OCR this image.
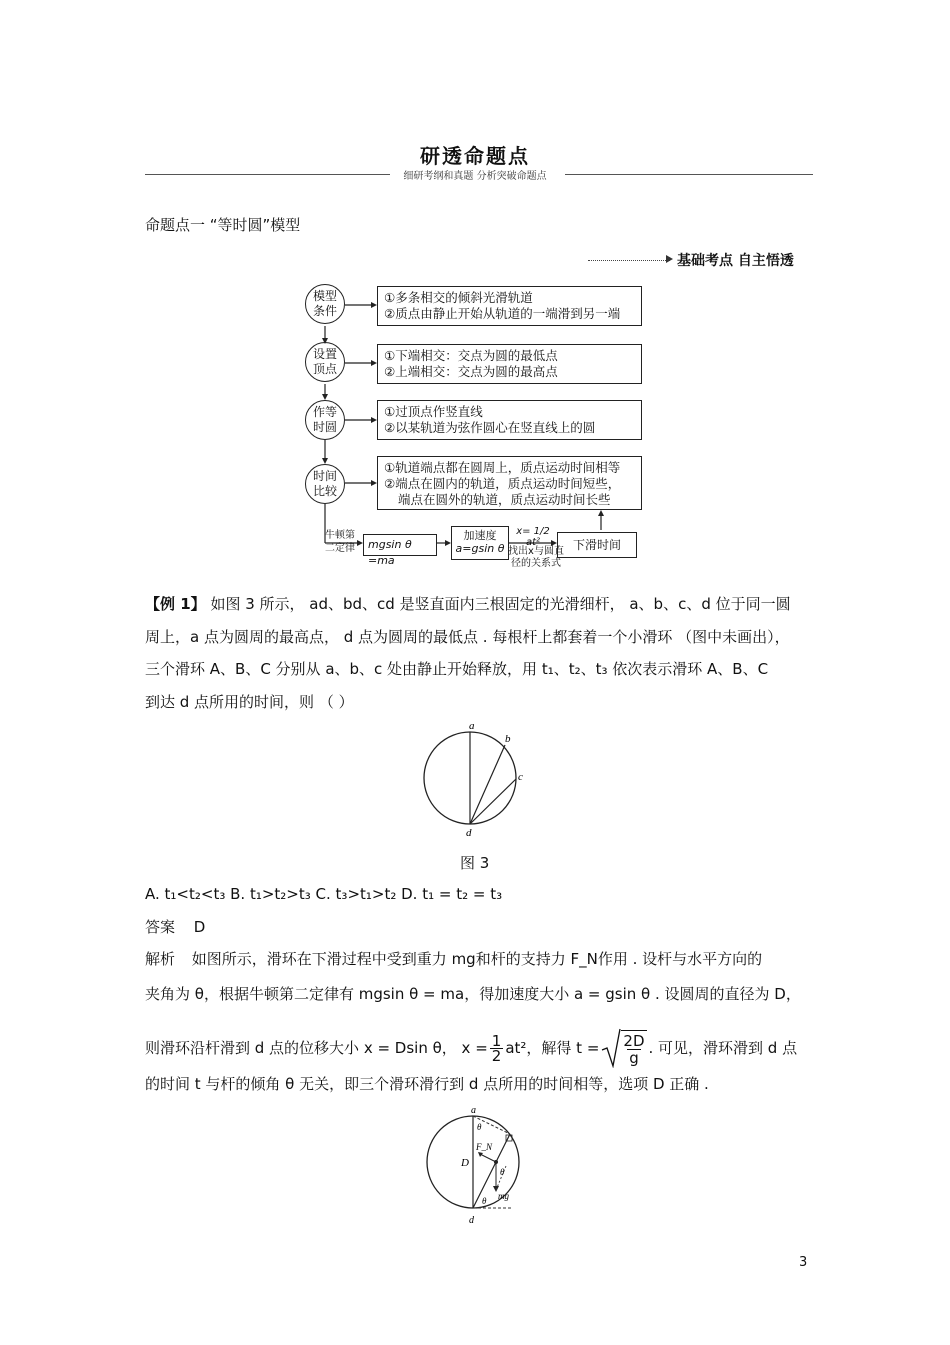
研透命题点
细研考纲和真题 分析突破命题点
命题点一 “等时圆”模型
基础考点 自主悟透
模型
条件
①多条相交的倾斜光滑轨道
②质点由静止开始从轨道的一端滑到另一端
设置
顶点
①下端相交：交点为圆的最低点
②上端相交：交点为圆的最高点
作等
时圆
①过顶点作竖直线
②以某轨道为弦作圆心在竖直线上的圆
时间
比较
①轨道端点都在圆周上，质点运动时间相等
②端点在圆内的轨道，质点运动时间短些，
端点在圆外的轨道，质点运动时间长些
牛顿第
二定律	mgsin θ =ma
加速度
a=gsin θ
x= 1/2 at²
找出x与圆直
径的关系式
下滑时间
【例 1】 如图 3 所示， ad、bd、cd 是竖直面内三根固定的光滑细杆， a、b、c、d 位于同一圆
周上，a 点为圆周的最高点， d 点为圆周的最低点 . 每根杆上都套着一个小滑环 （图中未画出），
三个滑环 A、B、C 分别从 a、b、c 处由静止开始释放，用 t₁、t₂、t₃ 依次表示滑环 A、B、C
到达 d 点所用的时间，则 （ ）
a
b
c
d
图 3
A. t₁<t₂<t₃ B. t₁>t₂>t₃ C. t₃>t₁>t₂ D. t₁ = t₂ = t₃
答案 D
解析 如图所示，滑环在下滑过程中受到重力 mg和杆的支持力 F_N作用 . 设杆与水平方向的
夹角为 θ，根据牛顿第二定律有 mgsin θ = ma，得加速度大小 a = gsin θ . 设圆周的直径为 D，
则滑环沿杆滑到 d 点的位移大小 x = Dsin θ， $x = \frac{1}{2} at^2$，解得 t = 2D
g
. 可见，滑环滑到 d 点
的时间 t 与杆的倾角 θ 无关，即三个滑环滑行到 d 点所用的时间相等，选项 D 正确 .
a
d
D
F_N
mg
θ
θ
θ
3
